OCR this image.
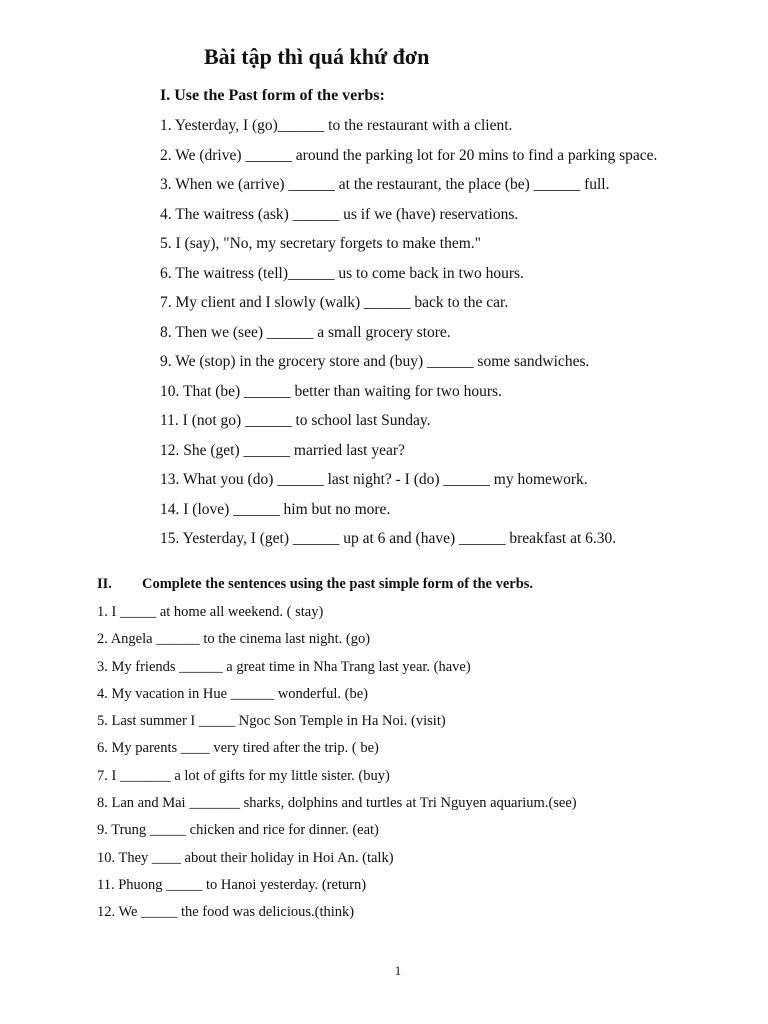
Bài tập thì quá khứ đơn
I. Use the Past form of the verbs:
1. Yesterday, I (go)______ to the restaurant with a client.
2. We (drive) ______ around the parking lot for 20 mins to find a parking space.
3. When we (arrive) ______ at the restaurant, the place (be) ______ full.
4. The waitress (ask) ______ us if we (have) reservations.
5. I (say), "No, my secretary forgets to make them."
6. The waitress (tell)______ us to come back in two hours.
7. My client and I slowly (walk) ______ back to the car.
8. Then we (see) ______ a small grocery store.
9. We (stop) in the grocery store and (buy) ______ some sandwiches.
10. That (be) ______ better than waiting for two hours.
11. I (not go) ______ to school last Sunday.
12. She (get) ______ married last year?
13. What you (do) ______ last night? - I (do) ______ my homework.
14. I (love) ______ him but no more.
15. Yesterday, I (get) ______ up at 6 and (have) ______ breakfast at 6.30.
II. Complete the sentences using the past simple form of the verbs.
1. I _____ at home all weekend. ( stay)
2. Angela ______ to the cinema last night. (go)
3. My friends ______ a great time in Nha Trang last year. (have)
4. My vacation in Hue ______ wonderful. (be)
5. Last summer I _____ Ngoc Son Temple in Ha Noi. (visit)
6. My parents ____ very tired after the trip. ( be)
7. I _______ a lot of gifts for my little sister. (buy)
8. Lan and Mai _______ sharks, dolphins and turtles at Tri Nguyen aquarium.(see)
9. Trung _____ chicken and rice for dinner. (eat)
10. They ____ about their holiday in Hoi An. (talk)
11. Phuong _____ to Hanoi yesterday. (return)
12. We _____ the food was delicious.(think)
1
